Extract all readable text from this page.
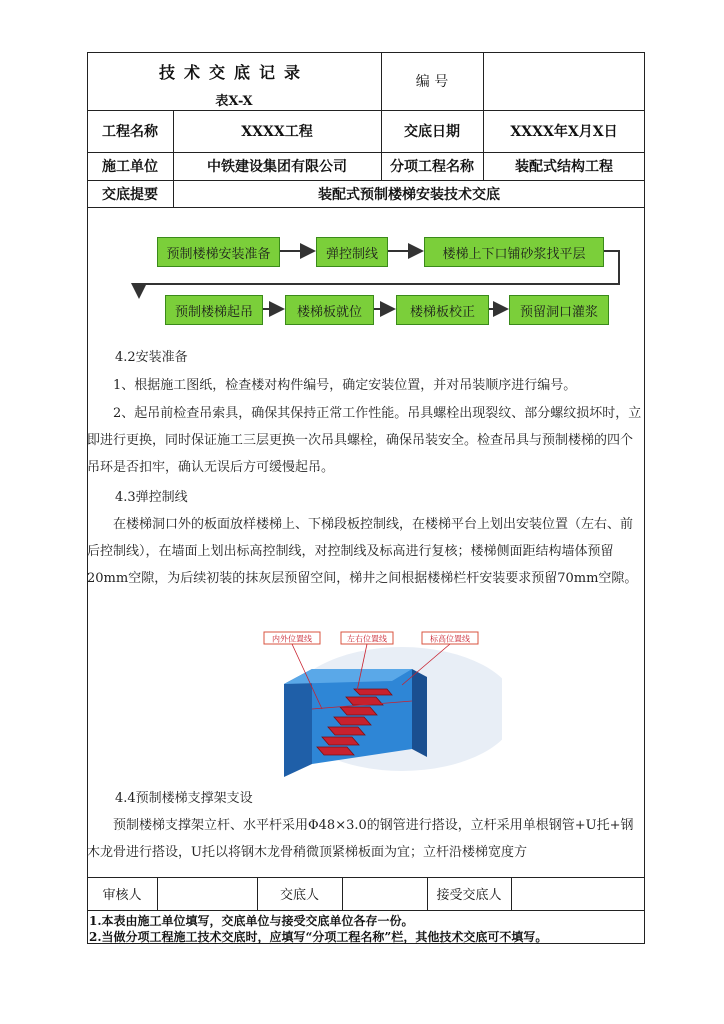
技术交底记录
表X-X
编 号
工程名称	XXXX工程	交底日期	XXXX年X月X日
施工单位	中铁建设集团有限公司	分项工程名称	装配式结构工程
交底提要	装配式预制楼梯安装技术交底
预制楼梯安装准备	弹控制线	楼梯上下口铺砂浆找平层
预制楼梯起吊	楼梯板就位	楼梯板校正	预留洞口灌浆
4.2安装准备
1、根据施工图纸，检查楼对构件编号，确定安装位置，并对吊装顺序进行编号。
2、起吊前检查吊索具，确保其保持正常工作性能。吊具螺栓出现裂纹、部分螺纹损坏时，立即进行更换，同时保证施工三层更换一次吊具螺栓，确保吊装安全。检查吊具与预制楼梯的四个吊环是否扣牢，确认无误后方可缓慢起吊。
4.3弹控制线
在楼梯洞口外的板面放样楼梯上、下梯段板控制线，在楼梯平台上划出安装位置（左右、前后控制线），在墙面上划出标高控制线，对控制线及标高进行复核；楼梯侧面距结构墙体预留20mm空隙，为后续初装的抹灰层预留空间，梯井之间根据楼梯栏杆安装要求预留70mm空隙。
内外位置线	左右位置线	标高位置线
4.4预制楼梯支撑架支设
预制楼梯支撑架立杆、水平杆采用Φ48×3.0的钢管进行搭设，立杆采用单根钢管+U托+钢木龙骨进行搭设，U托以将钢木龙骨稍微顶紧梯板面为宜；立杆沿楼梯宽度方
审核人	交底人	接受交底人
1.本表由施工单位填写，交底单位与接受交底单位各存一份。
2.当做分项工程施工技术交底时，应填写“分项工程名称”栏，其他技术交底可不填写。
